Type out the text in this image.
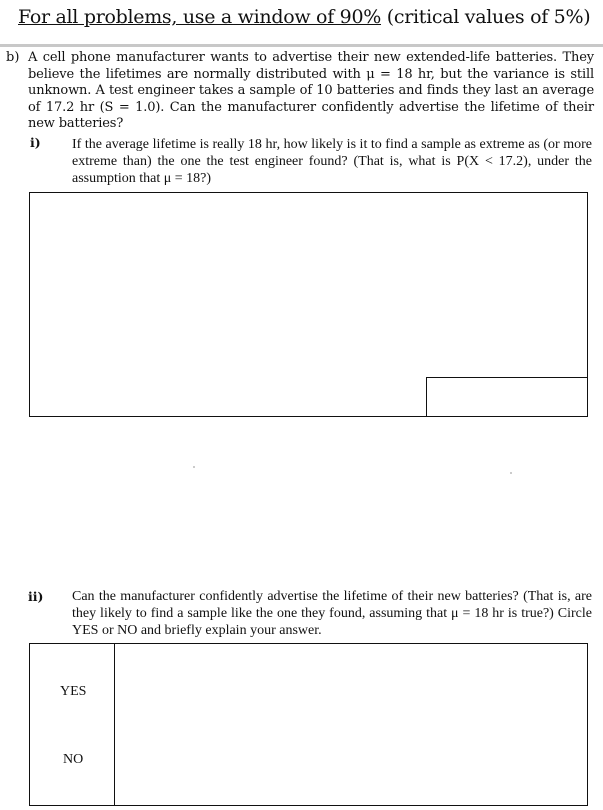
For all problems, use a window of 90% (critical values of 5%)
b) A cell phone manufacturer wants to advertise their new extended-life batteries. They believe the lifetimes are normally distributed with μ = 18 hr, but the variance is still unknown. A test engineer takes a sample of 10 batteries and finds they last an average of 17.2 hr (S = 1.0). Can the manufacturer confidently advertise the lifetime of their new batteries?
i) If the average lifetime is really 18 hr, how likely is it to find a sample as extreme as (or more extreme than) the one the test engineer found? (That is, what is P(X < 17.2), under the assumption that μ = 18?)
ii) Can the manufacturer confidently advertise the lifetime of their new batteries? (That is, are they likely to find a sample like the one they found, assuming that μ = 18 hr is true?) Circle YES or NO and briefly explain your answer.
YES
NO
